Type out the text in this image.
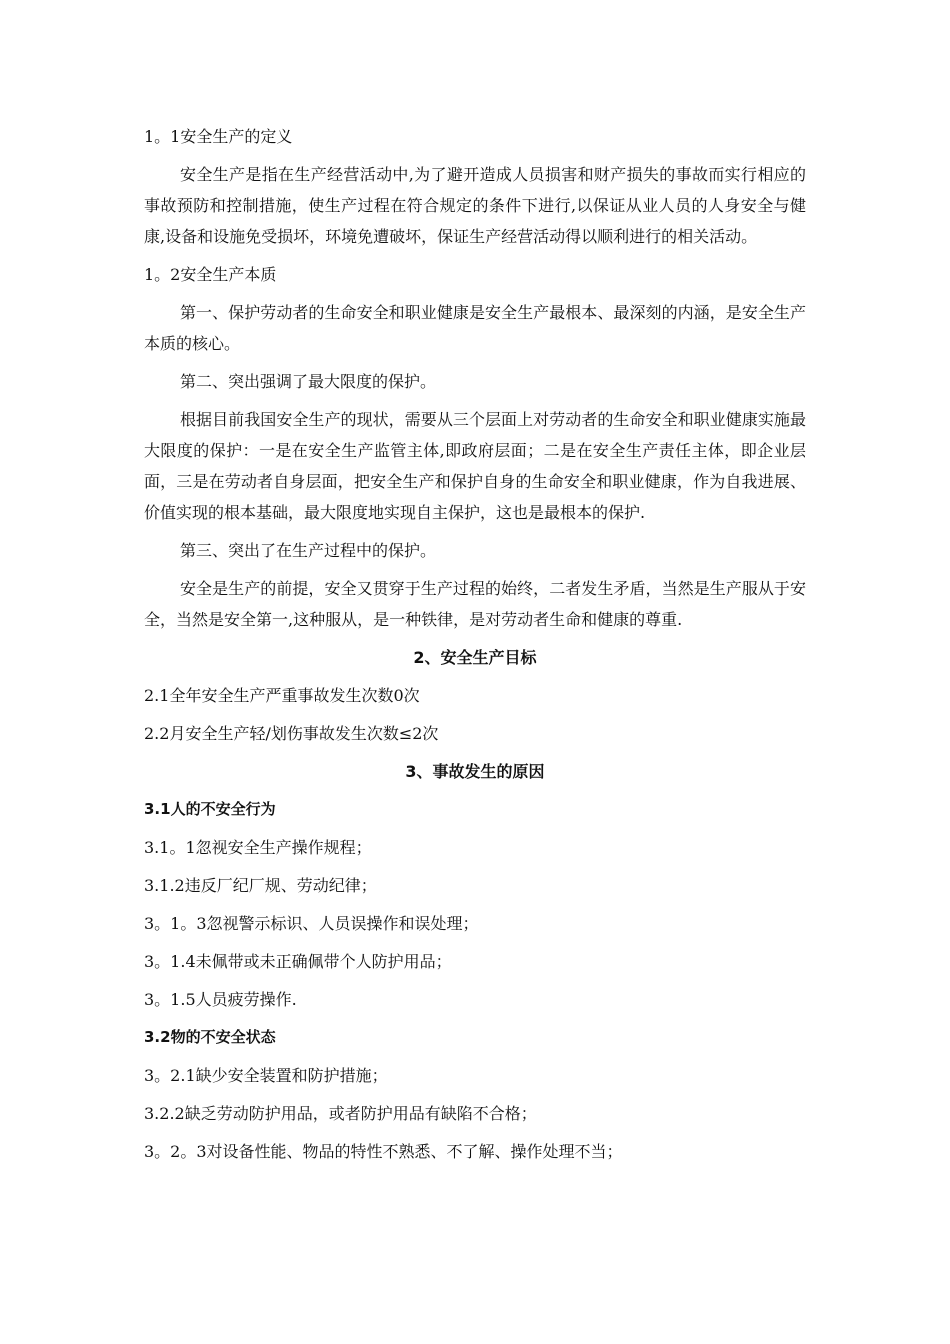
1。1安全生产的定义

安全生产是指在生产经营活动中,为了避开造成人员损害和财产损失的事故而实行相应的事故预防和控制措施，使生产过程在符合规定的条件下进行,以保证从业人员的人身安全与健康,设备和设施免受损坏，环境免遭破坏，保证生产经营活动得以顺利进行的相关活动。

1。2安全生产本质

第一、保护劳动者的生命安全和职业健康是安全生产最根本、最深刻的内涵，是安全生产本质的核心。

第二、突出强调了最大限度的保护。

根据目前我国安全生产的现状，需要从三个层面上对劳动者的生命安全和职业健康实施最大限度的保护：一是在安全生产监管主体,即政府层面；二是在安全生产责任主体，即企业层面，三是在劳动者自身层面，把安全生产和保护自身的生命安全和职业健康，作为自我进展、价值实现的根本基础，最大限度地实现自主保护，这也是最根本的保护.

第三、突出了在生产过程中的保护。

安全是生产的前提，安全又贯穿于生产过程的始终，二者发生矛盾，当然是生产服从于安全，当然是安全第一,这种服从，是一种铁律，是对劳动者生命和健康的尊重.

2、安全生产目标
2.1全年安全生产严重事故发生次数0次
2.2月安全生产轻/划伤事故发生次数≤2次
3、事故发生的原因
3.1人的不安全行为
3.1。1忽视安全生产操作规程；
3.1.2违反厂纪厂规、劳动纪律；
3。1。3忽视警示标识、人员误操作和误处理；
3。1.4未佩带或未正确佩带个人防护用品；
3。1.5人员疲劳操作.
3.2物的不安全状态
3。2.1缺少安全装置和防护措施；
3.2.2缺乏劳动防护用品，或者防护用品有缺陷不合格；
3。2。3对设备性能、物品的特性不熟悉、不了解、操作处理不当；
